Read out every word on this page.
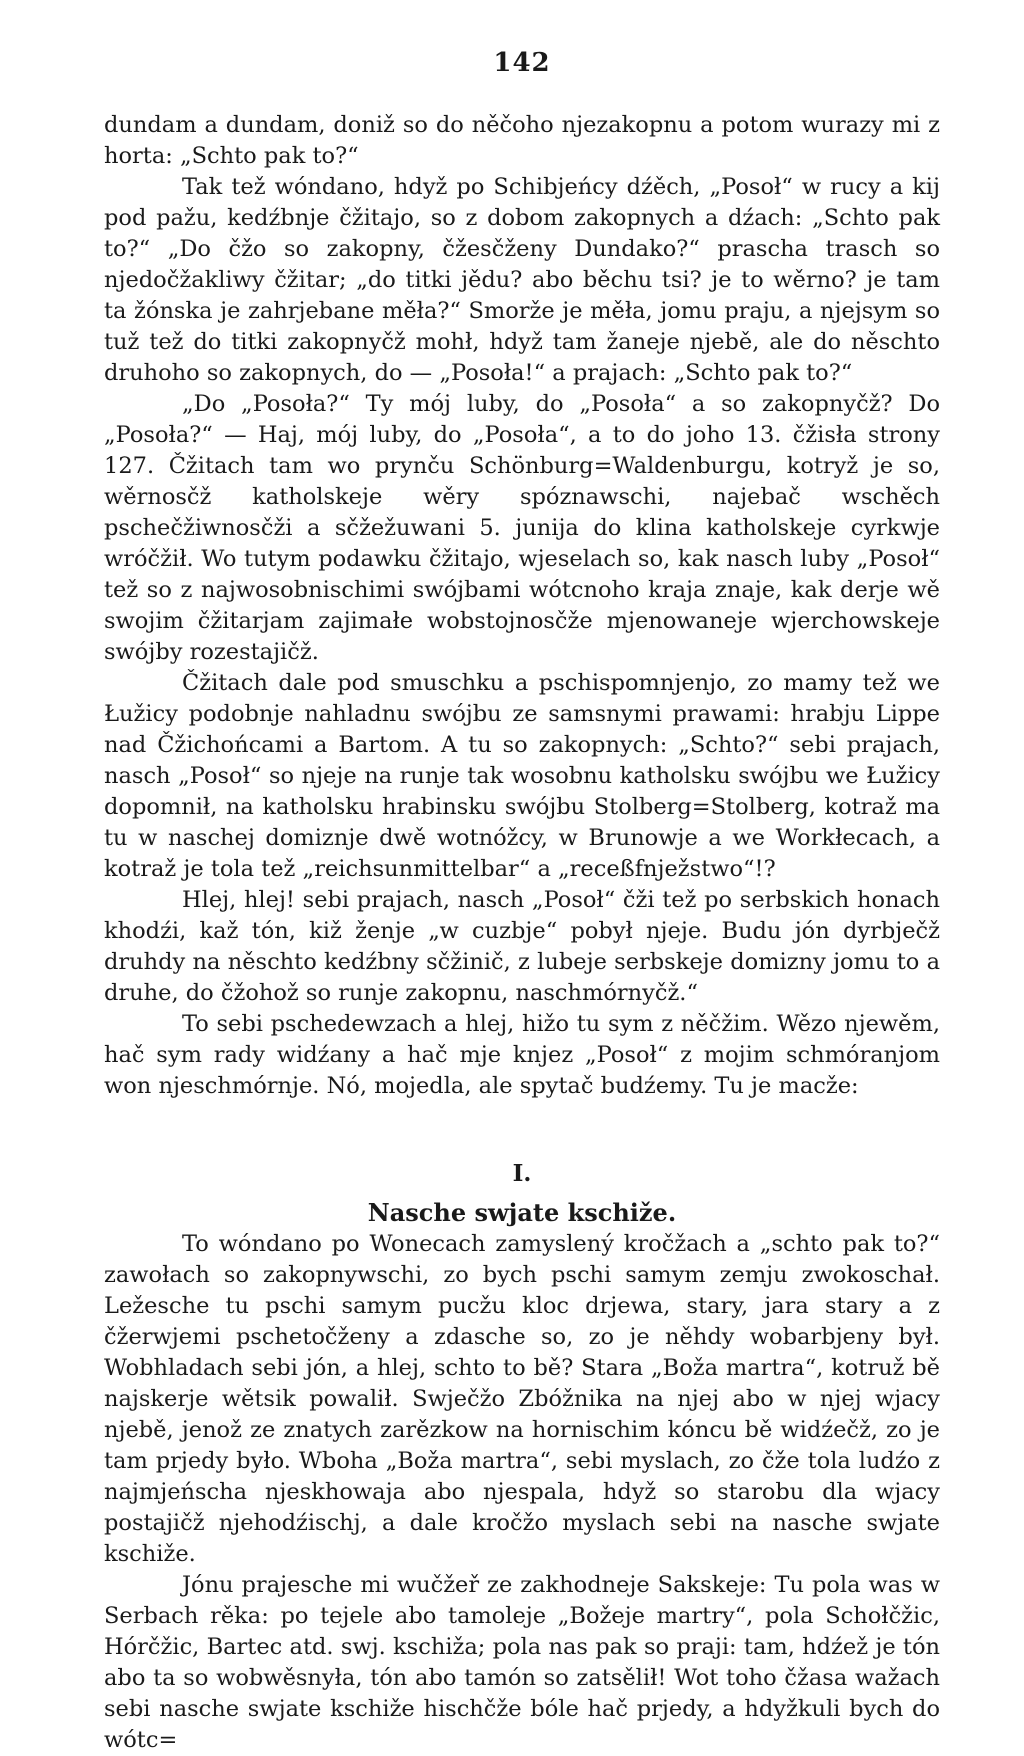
142

dundam a dundam, doniž so do něčoho njezakopnu a potom wurazy mi z horta: „Schto pak to?“

Tak tež wóndano, hdyž po Schibjeńcy dźěch, „Posoł“ w rucy a kij pod pažu, kedźbnje čžitajo, so z dobom zakopnych a dźach: „Schto pak to?“ „Do čžo so zakopny, čžesčženy Dundako?“ prascha trasch so njedočžakliwy čžitar; „do titki jědu? abo běchu tsi? je to wěrno? je tam ta žónska je zahrjebane měła?“ Smorže je měła, jomu praju, a njejsym so tuž tež do titki zakopnyčž mohł, hdyž tam žaneje njebě, ale do něschto druhoho so zakopnych, do — „Posoła!“ a prajach: „Schto pak to?“

„Do „Posoła?“ Ty mój luby, do „Posoła“ a so zakopnyčž? Do „Posoła?“ — Haj, mój luby, do „Posoła“, a to do joho 13. čžisła strony 127. Čžitach tam wo prynču Schönburg=Waldenburgu, kotryž je so, wěrnosčž katholskeje wěry spóznawschi, najebač wschěch pschečžiwnosčži a sčžežuwani 5. junija do klina katholskeje cyrkwje wróčžił. Wo tutym podawku čžitajo, wjeselach so, kak nasch luby „Posoł“ tež so z najwosobnischimi swójbami wótcnoho kraja znaje, kak derje wě swojim čžitarjam zajimałe wobstojnosčže mjenowaneje wjerchowskeje swójby rozestajičž.

Čžitach dale pod smuschku a pschispomnjenjo, zo mamy tež we Łužicy podobnje nahladnu swójbu ze samsnymi prawami: hrabju Lippe nad Čžichońcami a Bartom. A tu so zakopnych: „Schto?“ sebi prajach, nasch „Posoł“ so njeje na runje tak wosobnu katholsku swójbu we Łužicy dopomnił, na katholsku hrabinsku swójbu Stolberg=Stolberg, kotraž ma tu w naschej domiznje dwě wotnóžcy, w Brunowje a we Workłecach, a kotraž je tola tež „reichsunmittelbar“ a „receßfnježstwo“!?

Hlej, hlej! sebi prajach, nasch „Posoł“ čži tež po serbskich honach khodźi, kaž tón, kiž ženje „w cuzbje“ pobył njeje. Budu jón dyrbječž druhdy na něschto kedźbny sčžinič, z lubeje serbskeje domizny jomu to a druhe, do čžohož so runje zakopnu, naschmórnyčž.“

To sebi pschedewzach a hlej, hižo tu sym z něčžim. Wězo njewěm, hač sym rady widźany a hač mje knjez „Posoł“ z mojim schmóranjom won njeschmórnje. Nó, mojedla, ale spytač budźemy. Tu je macže:

I.
Nasche swjate kschiže.

To wóndano po Wonecach zamyslený kročžach a „schto pak to?“ zawołach so zakopnywschi, zo bych pschi samym zemju zwokoschał. Ležesche tu pschi samym pucžu kloc drjewa, stary, jara stary a z čžerwjemi pschetočženy a zdasche so, zo je něhdy wobarbjeny był. Wobhladach sebi jón, a hlej, schto to bě? Stara „Boža martra“, kotruž bě najskerje wětsik powalił. Swječžo Zbóžnika na njej abo w njej wjacy njebě, jenož ze znatych zarězkow na hornischim kóncu bě widźečž, zo je tam prjedy było. Wboha „Boža martra“, sebi myslach, zo čže tola ludźo z najmjeńscha njeskhowaja abo njespala, hdyž so starobu dla wjacy postajičž njehodźischj, a dale kročžo myslach sebi na nasche swjate kschiže.

Jónu prajesche mi wučžeř ze zakhodneje Sakskeje: Tu pola was w Serbach rěka: po tejele abo tamoleje „Božeje martry“, pola Schołčžic, Hórčžic, Bartec atd. swj. kschiža; pola nas pak so praji: tam, hdźež je tón abo ta so wobwěsnyła, tón abo tamón so zatsělił! Wot toho čžasa wažach sebi nasche swjate kschiže hischčže bóle hač prjedy, a hdyžkuli bych do wótc=
